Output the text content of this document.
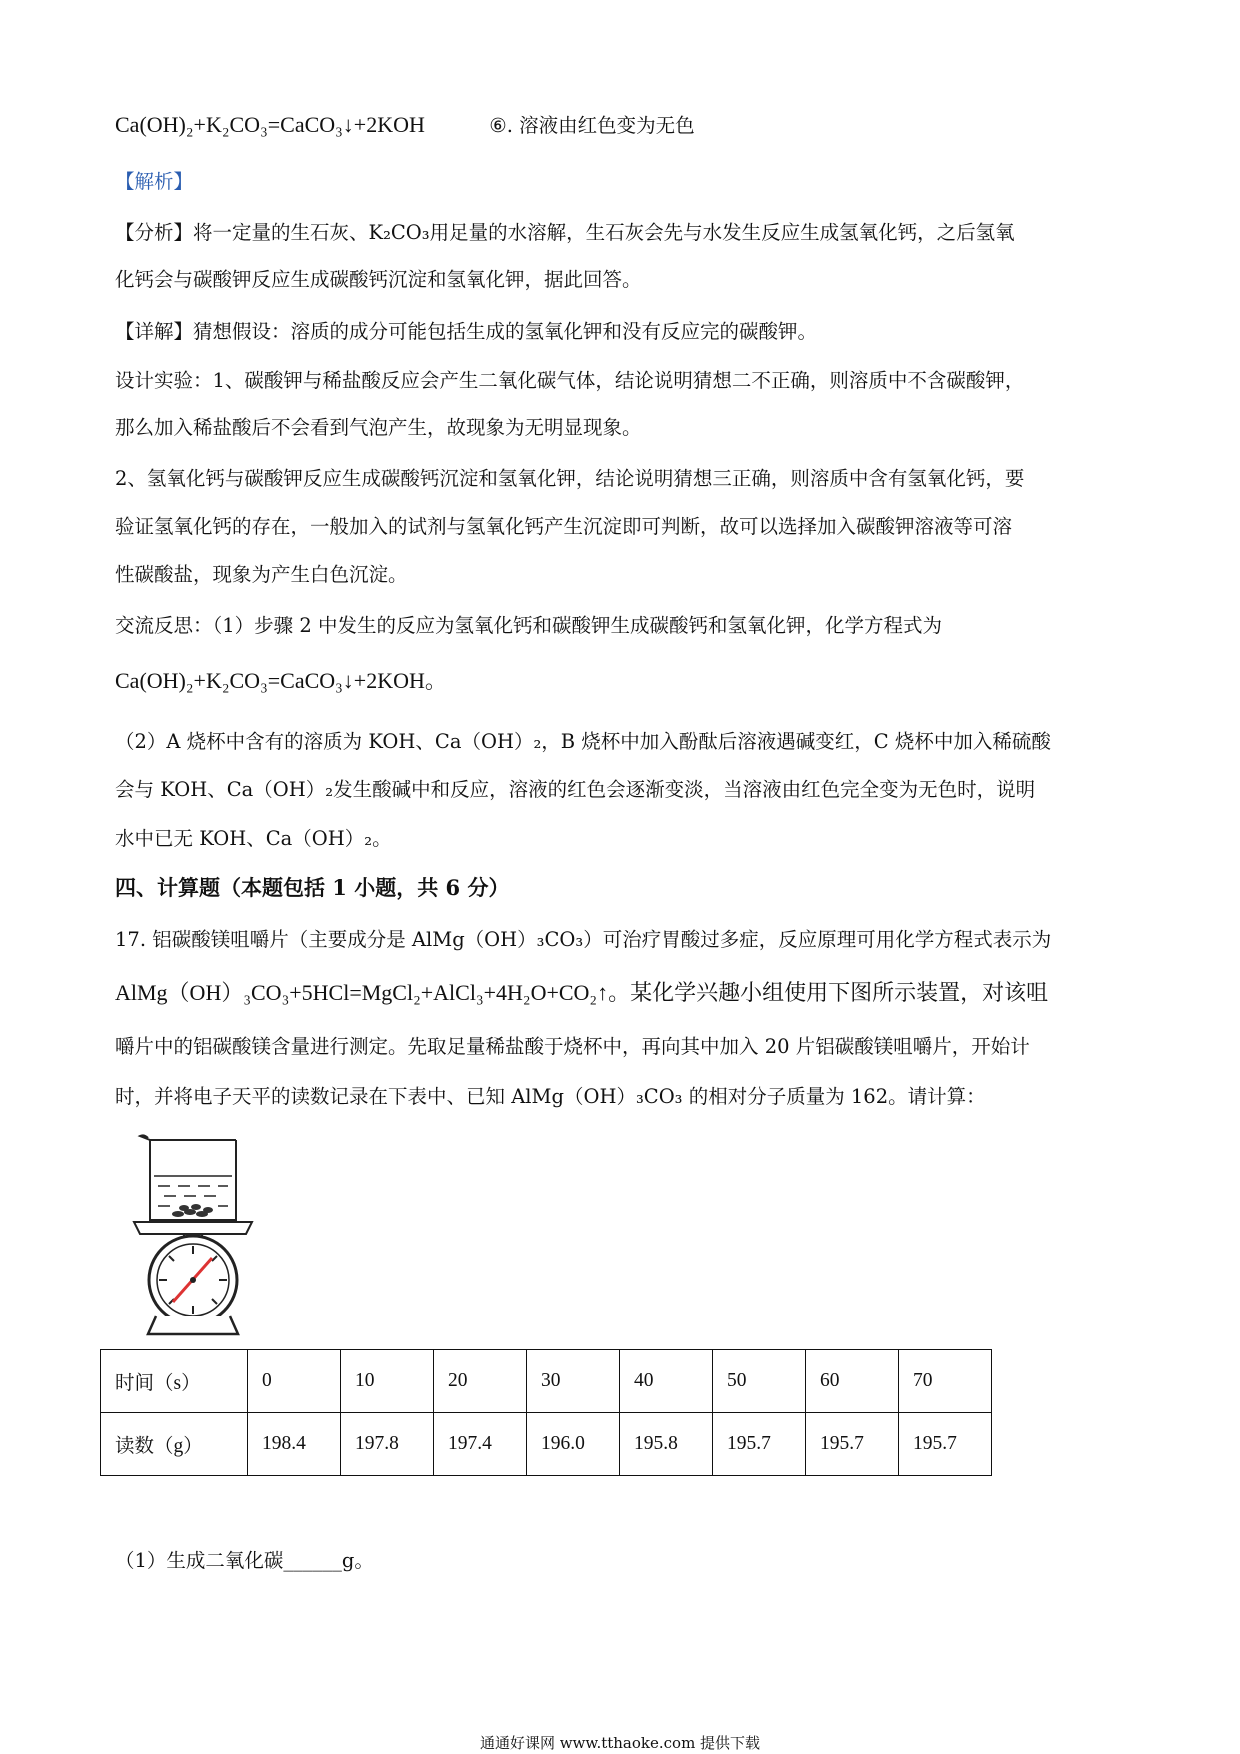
Ca(OH)₂+K₂CO₃=CaCO₃↓+2KOH	⑥. 溶液由红色变为无色
【解析】
【分析】将一定量的生石灰、K₂CO₃用足量的水溶解，生石灰会先与水发生反应生成氢氧化钙，之后氢氧
化钙会与碳酸钾反应生成碳酸钙沉淀和氢氧化钾，据此回答。
【详解】猜想假设：溶质的成分可能包括生成的氢氧化钾和没有反应完的碳酸钾。
设计实验：1、碳酸钾与稀盐酸反应会产生二氧化碳气体，结论说明猜想二不正确，则溶质中不含碳酸钾，
那么加入稀盐酸后不会看到气泡产生，故现象为无明显现象。
2、氢氧化钙与碳酸钾反应生成碳酸钙沉淀和氢氧化钾，结论说明猜想三正确，则溶质中含有氢氧化钙，要
验证氢氧化钙的存在，一般加入的试剂与氢氧化钙产生沉淀即可判断，故可以选择加入碳酸钾溶液等可溶
性碳酸盐，现象为产生白色沉淀。
交流反思：（1）步骤 2 中发生的反应为氢氧化钙和碳酸钾生成碳酸钙和氢氧化钾，化学方程式为
Ca(OH)₂+K₂CO₃=CaCO₃↓+2KOH。
（2）A 烧杯中含有的溶质为 KOH、Ca（OH）₂，B 烧杯中加入酚酞后溶液遇碱变红，C 烧杯中加入稀硫酸
会与 KOH、Ca（OH）₂发生酸碱中和反应，溶液的红色会逐渐变淡，当溶液由红色完全变为无色时，说明
水中已无 KOH、Ca（OH）₂。
四、计算题（本题包括 1 小题，共 6 分）
17. 铝碳酸镁咀嚼片（主要成分是 AlMg（OH）₃CO₃）可治疗胃酸过多症，反应原理可用化学方程式表示为
AlMg（OH）₃CO₃+5HCl=MgCl₂+AlCl₃+4H₂O+CO₂↑。某化学兴趣小组使用下图所示装置，对该咀
嚼片中的铝碳酸镁含量进行测定。先取足量稀盐酸于烧杯中，再向其中加入 20 片铝碳酸镁咀嚼片，开始计
时，并将电子天平的读数记录在下表中、已知 AlMg（OH）₃CO₃ 的相对分子质量为 162。请计算：
时间（s）	0	10	20	30	40	50	60	70
读数（g）	198.4	197.8	197.4	196.0	195.8	195.7	195.7	195.7
（1）生成二氧化碳______g。
通通好课网 www.tthaoke.com 提供下载
